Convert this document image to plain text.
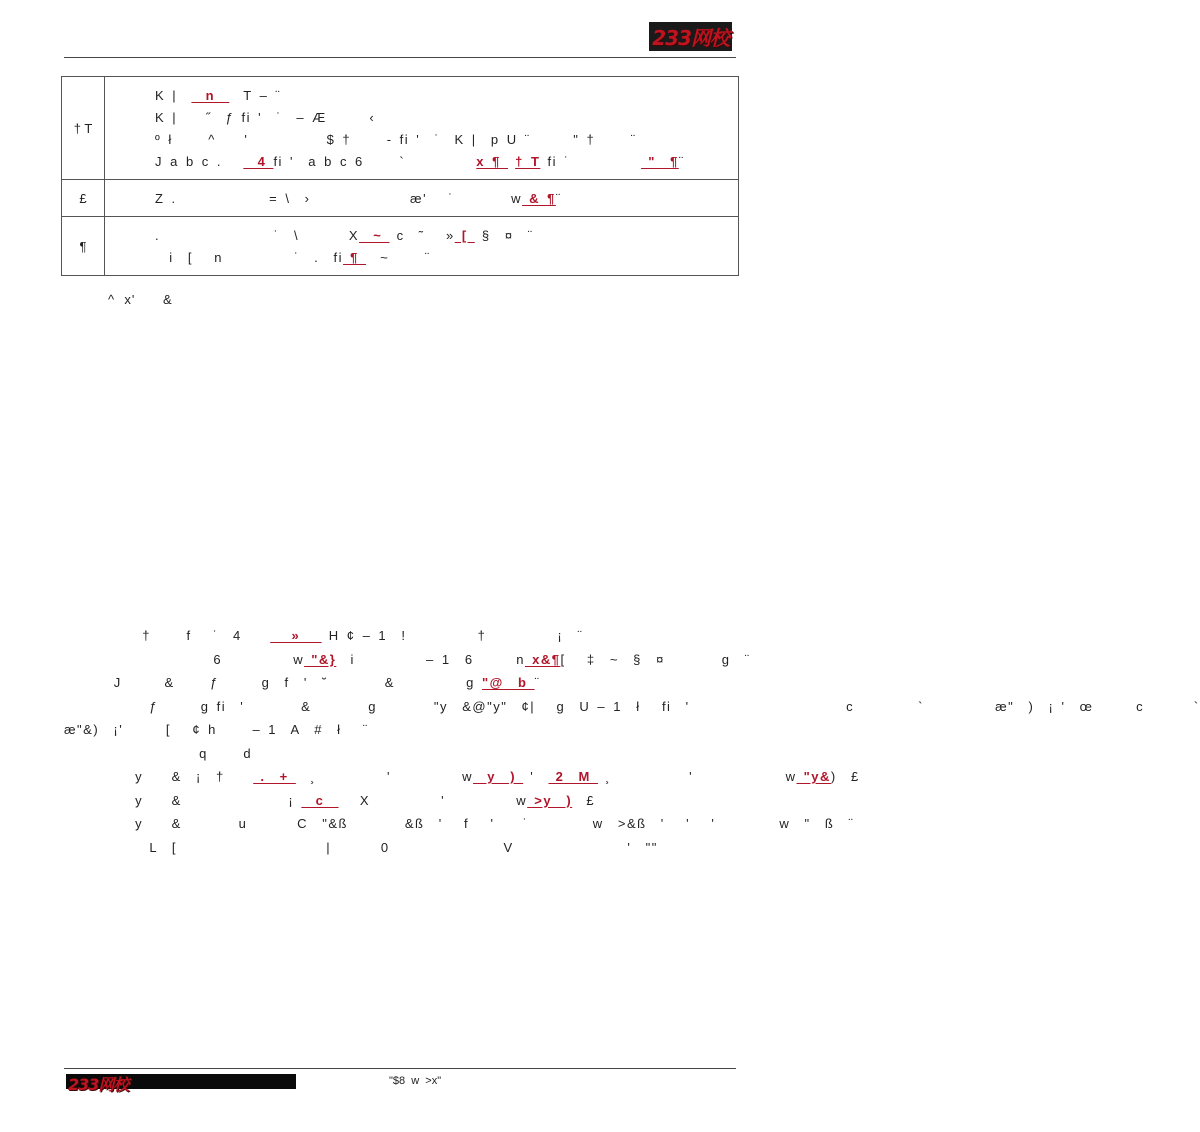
233网校
† T	K |    n    T – ¨
K |    ˝  ƒ fi '  ˙  – Æ      ‹
º ł     ^    '           $ †     - fi '  ˙  K |  p U ¨      " †     ¨
J a b c .     4 fi '  a b c 6     `          x ¶  † T fi ˙           "  ¶¨

£	Z .             = \  ›              æ'   ˙        w & ¶¨

¶	.                ˙  \       X  ~  c  ˜   » [  §  ¤  ¨
i  [   n          ˙  .  fi ¶   ~     ¨
^  x'      &
†     f   ˙  4       »    H ¢ – 1  !          †          ¡  ¨
6          w "&}  i          – 1  6      n x&¶[   ‡  ~  §  ¤        g  ¨
J      &     ƒ      g  f  '  ˘        &          g "@  b ¨
ƒ      g fi  '        &        g        "y  &@"y"  ¢|   g  U – 1  ł   fi  '                      c         `          æ"  )  ¡ '  œ      c       `
æ"&)  ¡'      [   ¢ h     – 1  A  #  ł   ¨
q     d
y    &  ¡  †     .  +   ¸          '          w  y  )  '   2  M  ¸           '             w "y&)  £
y    &               ¡   c     X          '          w >y  )  £
y    &        u       C  "&ß        &ß  '   f   '    ˙         w  >&ß  '   '   '         w  "  ß  ¨
L  [                     |       0                V                '  ""
233网校	"$8  w  >x"
